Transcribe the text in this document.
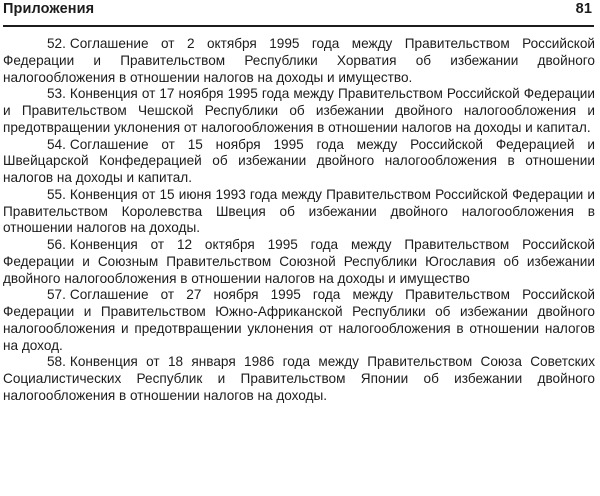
Приложения	81

52. Соглашение от 2 октября 1995 года между Правительством Российской Федерации и Правительством Республики Хорватия об избежании двойного налогообложения в отношении налогов на доходы и имущество.

53. Конвенция от 17 ноября 1995 года между Правительством Российской Федерации и Правительством Чешской Республики об избежании двойного налогообложения и предотвращении уклонения от налогообложения в отношении налогов на доходы и капитал.

54. Соглашение от 15 ноября 1995 года между Российской Федерацией и Швейцарской Конфедерацией об избежании двойного налогообложения в отношении налогов на доходы и капитал.

55. Конвенция от 15 июня 1993 года между Правительством Российской Федерации и Правительством Королевства Швеция об избежании двойного налогообложения в отношении налогов на доходы.

56. Конвенция от 12 октября 1995 года между Правительством Российской Федерации и Союзным Правительством Союзной Республики Югославия об избежании двойного налогообложения в отношении налогов на доходы и имущество

57. Соглашение от 27 ноября 1995 года между Правительством Российской Федерации и Правительством Южно-Африканской Республики об избежании двойного налогообложения и предотвращении уклонения от налогообложения в отношении налогов на доход.

58. Конвенция от 18 января 1986 года между Правительством Союза Советских Социалистических Республик и Правительством Японии об избежании двойного налогообложения в отношении налогов на доходы.
